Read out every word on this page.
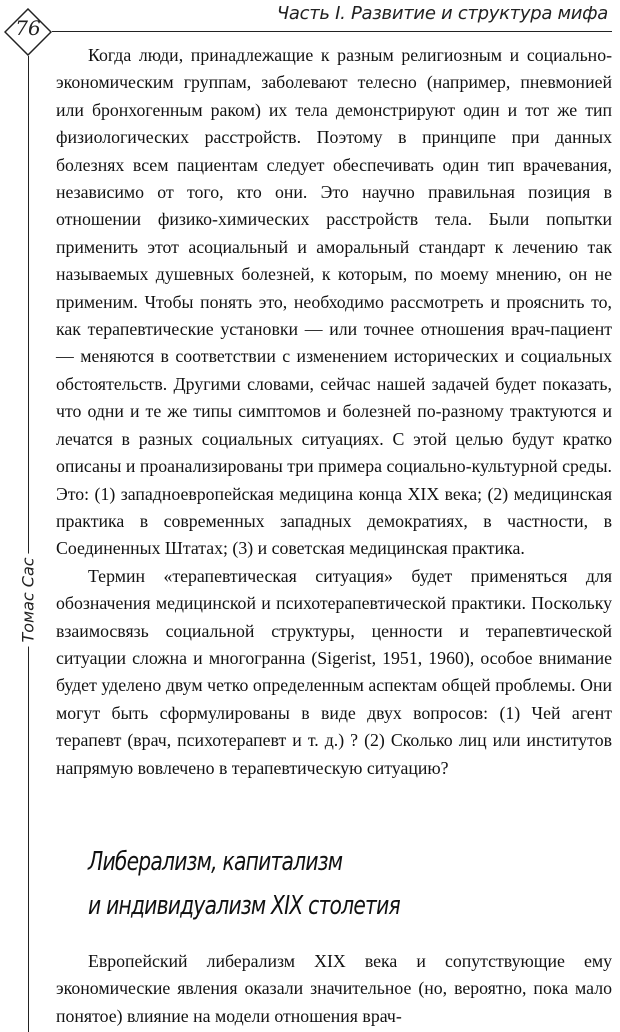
76
Часть I. Развитие и структура мифа
Томас Сас

Когда люди, принадлежащие к разным религиозным и социально-экономическим группам, заболевают телесно (например, пневмонией или бронхогенным раком) их тела демонстрируют один и тот же тип физиологических расстройств. Поэтому в принципе при данных болезнях всем пациентам следует обеспечивать один тип врачевания, независимо от того, кто они. Это научно правильная позиция в отношении физико-химических расстройств тела. Были попытки применить этот асоциальный и аморальный стандарт к лечению так называемых душевных болезней, к которым, по моему мнению, он не применим. Чтобы понять это, необходимо рассмотреть и прояснить то, как терапевтические установки — или точнее отношения врач-пациент — меняются в соответствии с изменением исторических и социальных обстоятельств. Другими словами, сейчас нашей задачей будет показать, что одни и те же типы симптомов и болезней по-разному трактуются и лечатся в разных социальных ситуациях. С этой целью будут кратко описаны и проанализированы три примера социально-культурной среды. Это: (1) западноевропейская медицина конца XIX века; (2) медицинская практика в современных западных демократиях, в частности, в Соединенных Штатах; (3) и советская медицинская практика.

Термин «терапевтическая ситуация» будет применяться для обозначения медицинской и психотерапевтической практики. Поскольку взаимосвязь социальной структуры, ценности и терапевтической ситуации сложна и многогранна (Sigerist, 1951, 1960), особое внимание будет уделено двум четко определенным аспектам общей проблемы. Они могут быть сформулированы в виде двух вопросов: (1) Чей агент терапевт (врач, психотерапевт и т. д.) ? (2) Сколько лиц или институтов напрямую вовлечено в терапевтическую ситуацию?

Либерализм, капитализм
и индивидуализм XIX столетия

Европейский либерализм XIX века и сопутствующие ему экономические явления оказали значительное (но, вероятно, пока мало понятое) влияние на модели отношения врач-
